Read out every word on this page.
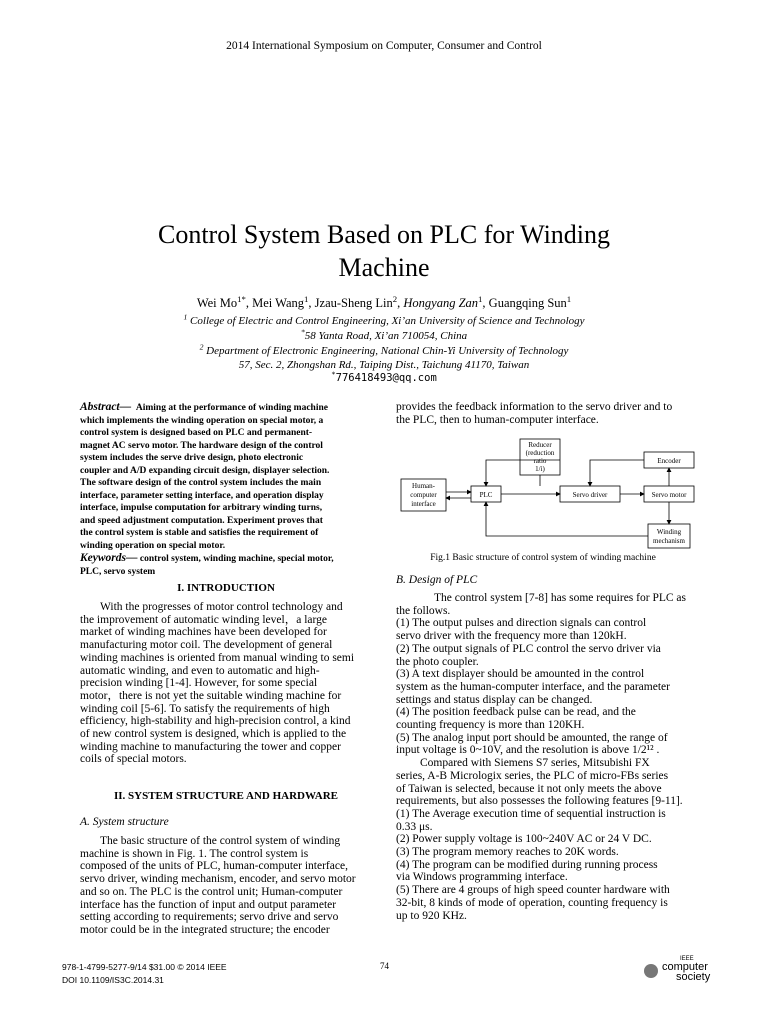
2014 International Symposium on Computer, Consumer and Control
Control System Based on PLC for Winding
Machine
Wei $Mo^{1*}$, Mei Wang$^1$, Jzau-Sheng Lin$^2$, Hongyang Zan$^1$, Guangqing Sun$^1$
$^1$ College of Electric and Control Engineering, Xi’an University of Science and Technology
*58 Yanta Road, Xi’an 710054, China
$^2$ Department of Electronic Engineering, National Chin-Yi University of Technology
57, Sec. 2, Zhongshan Rd., Taiping Dist., Taichung 41170, Taiwan
*776418493@qq.com
Abstract— Aiming at the performance of winding machine
which implements the winding operation on special motor, a
control system is designed based on PLC and permanent-
magnet AC servo motor. The hardware design of the control
system includes the serve drive design, photo electronic
coupler and A/D expanding circuit design, displayer selection.
The software design of the control system includes the main
interface, parameter setting interface, and operation display
interface, impulse computation for arbitrary winding turns,
and speed adjustment computation. Experiment proves that
the control system is stable and satisfies the requirement of
winding operation on special motor.
Keywords— control system, winding machine, special motor,
PLC, servo system
I. INTRODUCTION
With the progresses of motor control technology and
the improvement of automatic winding level，a large
market of winding machines have been developed for
manufacturing motor coil. The development of general
winding machines is oriented from manual winding to semi
automatic winding, and even to automatic and high-
precision winding [1-4]. However, for some special
motor，there is not yet the suitable winding machine for
winding coil [5-6]. To satisfy the requirements of high
efficiency, high-stability and high-precision control, a kind
of new control system is designed, which is applied to the
winding machine to manufacturing the tower and copper
coils of special motors.
II. SYSTEM STRUCTURE AND HARDWARE
A. System structure
The basic structure of the control system of winding
machine is shown in Fig. 1. The control system is
composed of the units of PLC, human-computer interface,
servo driver, winding mechanism, encoder, and servo motor
and so on. The PLC is the control unit; Human-computer
interface has the function of input and output parameter
setting according to requirements; servo drive and servo
motor could be in the integrated structure; the encoder
provides the feedback information to the servo driver and to
the PLC, then to human-computer interface.
Human-
computer
interface
PLC
Reducer
(reduction
ratio
1/i)
Servo driver	Servo motor
Encoder
Winding
mechanism
Fig.1 Basic structure of control system of winding machine
B. Design of PLC
The control system [7-8] has some requires for PLC as
the follows.
(1) The output pulses and direction signals can control
servo driver with the frequency more than 120kH.
(2) The output signals of PLC control the servo driver via
the photo coupler.
(3) A text displayer should be amounted in the control
system as the human-computer interface, and the parameter
settings and status display can be changed.
(4) The position feedback pulse can be read, and the
counting frequency is more than 120KH.
(5) The analog input port should be amounted, the range of
input voltage is 0~10V, and the resolution is above 1/2¹² .
Compared with Siemens S7 series, Mitsubishi FX
series, A-B Micrologix series, the PLC of micro-FBs series
of Taiwan is selected, because it not only meets the above
requirements, but also possesses the following features [9-11].
(1) The Average execution time of sequential instruction is
0.33 μs.
(2) Power supply voltage is 100~240V AC or 24 V DC.
(3) The program memory reaches to 20K words.
(4) The program can be modified during running process
via Windows programming interface.
(5) There are 4 groups of high speed counter hardware with
32-bit, 8 kinds of mode of operation, counting frequency is
up to 920 KHz.
978-1-4799-5277-9/14 $31.00 © 2014 IEEE
DOI 10.1109/IS3C.2014.31
74
IEEE
computer
society
